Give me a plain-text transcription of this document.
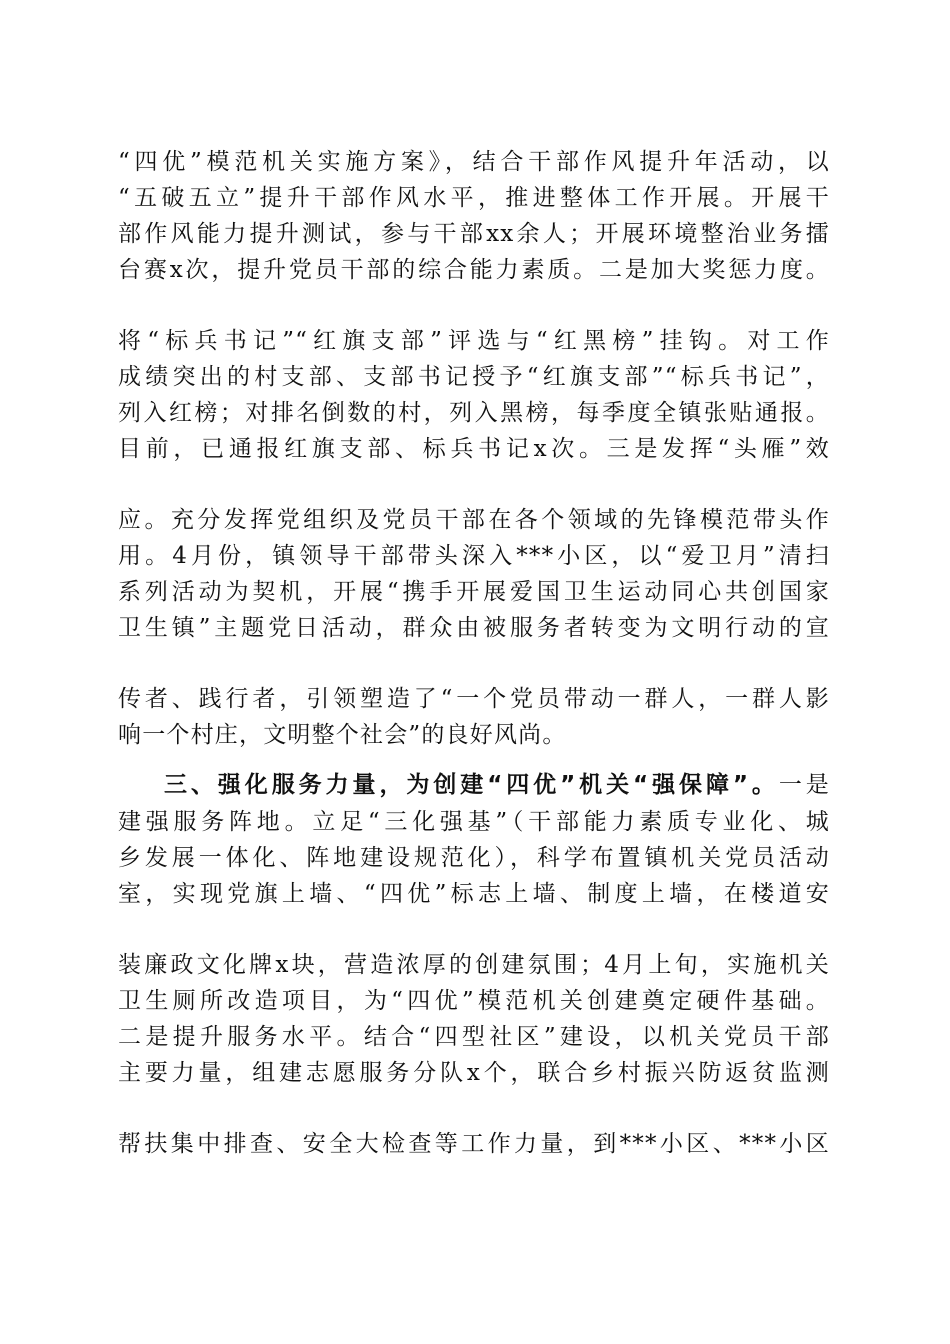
“四优”模范机关实施方案》，结合干部作风提升年活动，以
“五破五立”提升干部作风水平，推进整体工作开展。开展干
部作风能力提升测试，参与干部xx余人；开展环境整治业务擂
台赛x次，提升党员干部的综合能力素质。二是加大奖惩力度。
将“标兵书记”“红旗支部”评选与“红黑榜”挂钩。对工作
成绩突出的村支部、支部书记授予“红旗支部”“标兵书记”，
列入红榜；对排名倒数的村，列入黑榜，每季度全镇张贴通报。
目前，已通报红旗支部、标兵书记x次。三是发挥“头雁”效
应。充分发挥党组织及党员干部在各个领域的先锋模范带头作
用。4月份，镇领导干部带头深入***小区，以“爱卫月”清扫
系列活动为契机，开展“携手开展爱国卫生运动同心共创国家
卫生镇”主题党日活动，群众由被服务者转变为文明行动的宣
传者、践行者，引领塑造了“一个党员带动一群人，一群人影
响一个村庄，文明整个社会”的良好风尚。
三、强化服务力量，为创建“四优”机关“强保障”。一是
建强服务阵地。立足“三化强基”（干部能力素质专业化、城
乡发展一体化、阵地建设规范化），科学布置镇机关党员活动
室，实现党旗上墙、“四优”标志上墙、制度上墙，在楼道安
装廉政文化牌x块，营造浓厚的创建氛围；4月上旬，实施机关
卫生厕所改造项目，为“四优”模范机关创建奠定硬件基础。
二是提升服务水平。结合“四型社区”建设，以机关党员干部
主要力量，组建志愿服务分队x个，联合乡村振兴防返贫监测
帮扶集中排查、安全大检查等工作力量，到***小区、***小区
